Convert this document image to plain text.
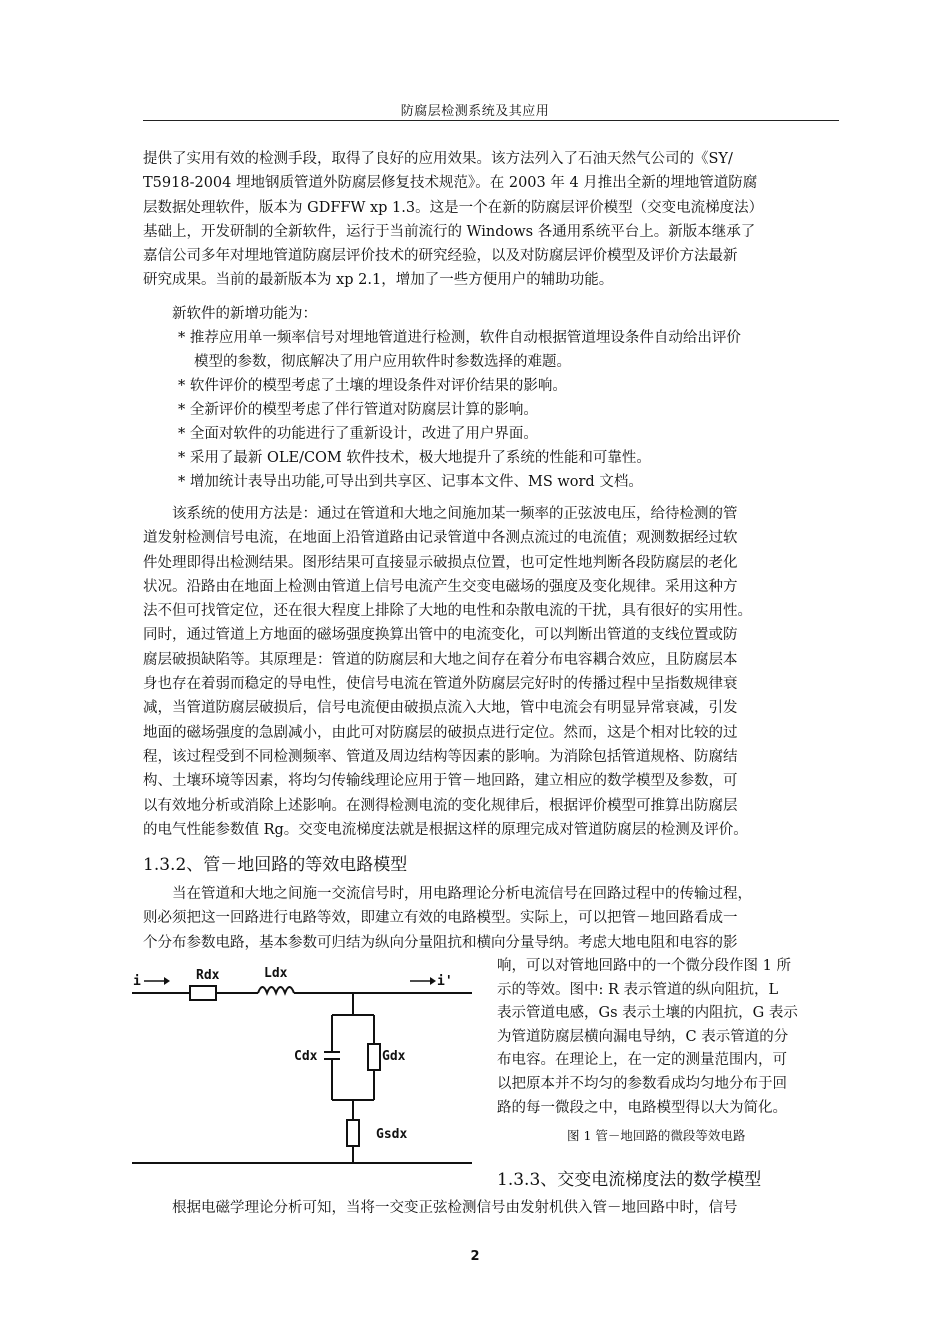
防腐层检测系统及其应用
提供了实用有效的检测手段，取得了良好的应用效果。该方法列入了石油天然气公司的《SY/
T5918-2004 埋地钢质管道外防腐层修复技术规范》。在 2003 年 4 月推出全新的埋地管道防腐
层数据处理软件，版本为 GDFFW xp 1.3。这是一个在新的防腐层评价模型（交变电流梯度法）
基础上，开发研制的全新软件，运行于当前流行的 Windows 各通用系统平台上。新版本继承了
嘉信公司多年对埋地管道防腐层评价技术的研究经验，以及对防腐层评价模型及评价方法最新
研究成果。当前的最新版本为 xp 2.1，增加了一些方便用户的辅助功能。
新软件的新增功能为：
* 推荐应用单一频率信号对埋地管道进行检测，软件自动根据管道埋设条件自动给出评价
模型的参数，彻底解决了用户应用软件时参数选择的难题。
* 软件评价的模型考虑了土壤的埋设条件对评价结果的影响。
* 全新评价的模型考虑了伴行管道对防腐层计算的影响。
* 全面对软件的功能进行了重新设计，改进了用户界面。
* 采用了最新 OLE/COM 软件技术，极大地提升了系统的性能和可靠性。
* 增加统计表导出功能,可导出到共享区、记事本文件、MS word 文档。
该系统的使用方法是：通过在管道和大地之间施加某一频率的正弦波电压，给待检测的管
道发射检测信号电流，在地面上沿管道路由记录管道中各测点流过的电流值；观测数据经过软
件处理即得出检测结果。图形结果可直接显示破损点位置，也可定性地判断各段防腐层的老化
状况。沿路由在地面上检测由管道上信号电流产生交变电磁场的强度及变化规律。采用这种方
法不但可找管定位，还在很大程度上排除了大地的电性和杂散电流的干扰，具有很好的实用性。
同时，通过管道上方地面的磁场强度换算出管中的电流变化，可以判断出管道的支线位置或防
腐层破损缺陷等。其原理是：管道的防腐层和大地之间存在着分布电容耦合效应，且防腐层本
身也存在着弱而稳定的导电性，使信号电流在管道外防腐层完好时的传播过程中呈指数规律衰
减，当管道防腐层破损后，信号电流便由破损点流入大地，管中电流会有明显异常衰减，引发
地面的磁场强度的急剧减小，由此可对防腐层的破损点进行定位。然而，这是个相对比较的过
程，该过程受到不同检测频率、管道及周边结构等因素的影响。为消除包括管道规格、防腐结
构、土壤环境等因素，将均匀传输线理论应用于管－地回路，建立相应的数学模型及参数，可
以有效地分析或消除上述影响。在测得检测电流的变化规律后，根据评价模型可推算出防腐层
的电气性能参数值 Rg。交变电流梯度法就是根据这样的原理完成对管道防腐层的检测及评价。
1.3.2、管－地回路的等效电路模型
当在管道和大地之间施一交流信号时，用电路理论分析电流信号在回路过程中的传输过程，
则必须把这一回路进行电路等效，即建立有效的电路模型。实际上，可以把管－地回路看成一
个分布参数电路，基本参数可归结为纵向分量阻抗和横向分量导纳。考虑大地电阻和电容的影
响，可以对管地回路中的一个微分段作图 1 所
示的等效。图中: R 表示管道的纵向阻抗，L
表示管道电感，Gs 表示土壤的内阻抗，G 表示
为管道防腐层横向漏电导纳，C 表示管道的分
布电容。在理论上，在一定的测量范围内，可
以把原本并不均匀的参数看成均匀地分布于回
路的每一微段之中，电路模型得以大为简化。
i	i'
Rdx	Ldx
Cdx	Gdx
Gsdx	图 1 管－地回路的微段等效电路
1.3.3、交变电流梯度法的数学模型
根据电磁学理论分析可知，当将一交变正弦检测信号由发射机供入管－地回路中时，信号
2
